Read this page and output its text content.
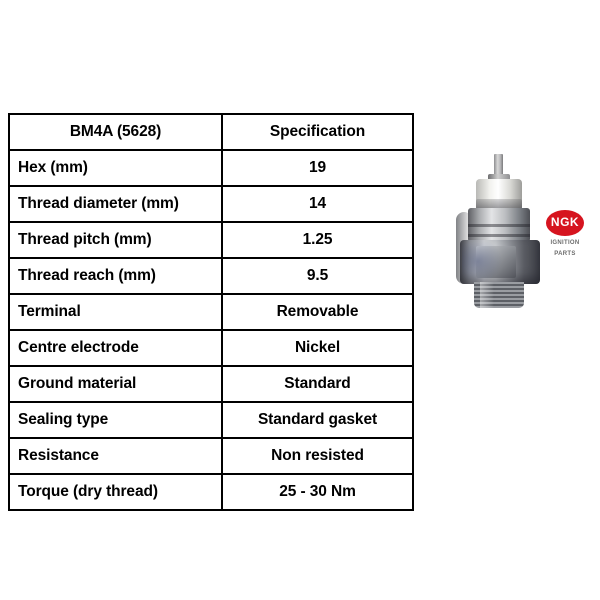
BM4A (5628)	Specification
Hex (mm)	19
Thread diameter (mm)	14
Thread pitch (mm)	1.25
Thread reach (mm)	9.5
Terminal	Removable
Centre electrode	Nickel
Ground material	Standard
Sealing type	Standard gasket
Resistance	Non resisted
Torque (dry thread)	25 - 30 Nm
NGK
IGNITION
PARTS
